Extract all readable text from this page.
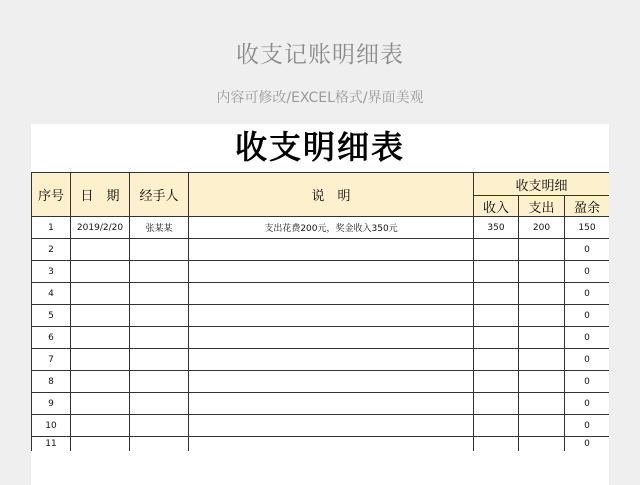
收支记账明细表
内容可修改/EXCEL格式/界面美观
收支明细表
序号	日　期	经手人	说　明	收支明细		
				收入	支出	盈余
1	2019/2/20	张某某	支出花费200元，奖金收入350元	350	200	150
2						0
3						0
4						0
5						0
6						0
7						0
8						0
9						0
10						0
11						0
